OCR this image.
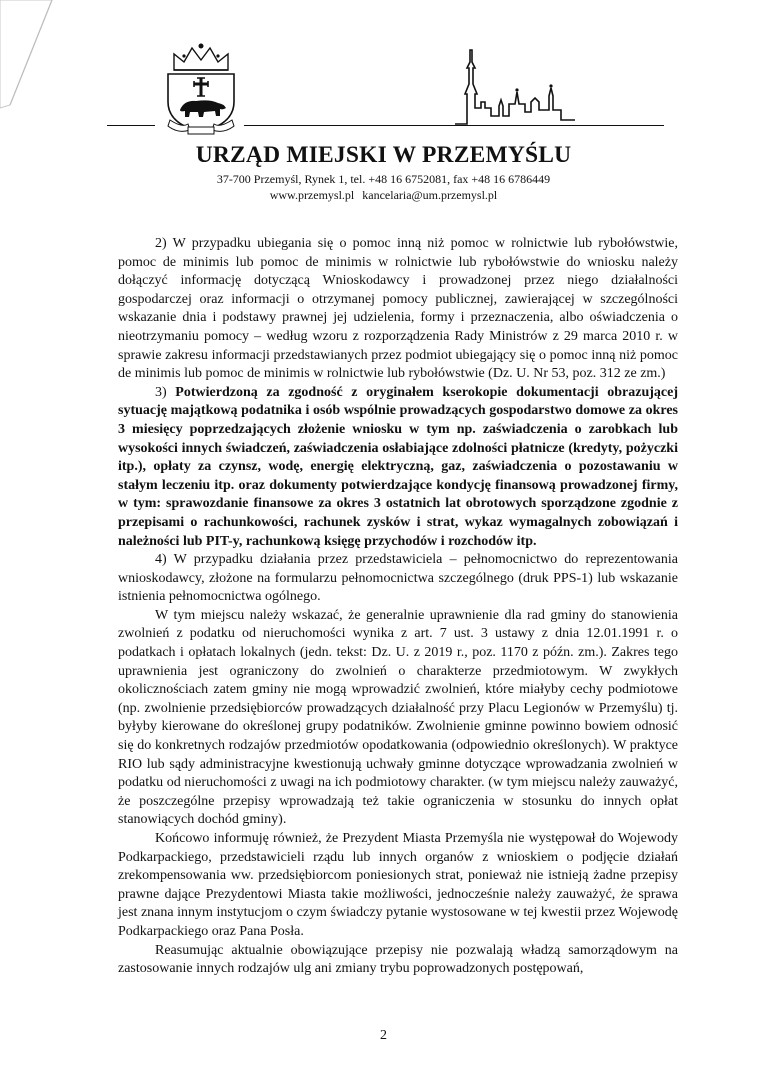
URZĄD MIEJSKI W PRZEMYŚLU
37-700 Przemyśl, Rynek 1, tel. +48 16 6752081, fax +48 16 6786449
www.przemysl.pl kancelaria@um.przemysl.pl

2) W przypadku ubiegania się o pomoc inną niż pomoc w rolnictwie lub rybołówstwie, pomoc de minimis lub pomoc de minimis w rolnictwie lub rybołówstwie do wniosku należy dołączyć informację dotyczącą Wnioskodawcy i prowadzonej przez niego działalności gospodarczej oraz informacji o otrzymanej pomocy publicznej, zawierającej w szczególności wskazanie dnia i podstawy prawnej jej udzielenia, formy i przeznaczenia, albo oświadczenia o nieotrzymaniu pomocy – według wzoru z rozporządzenia Rady Ministrów z 29 marca 2010 r. w sprawie zakresu informacji przedstawianych przez podmiot ubiegający się o pomoc inną niż pomoc de minimis lub pomoc de minimis w rolnictwie lub rybołówstwie (Dz. U. Nr 53, poz. 312 ze zm.)

3) Potwierdzoną za zgodność z oryginałem kserokopie dokumentacji obrazującej sytuację majątkową podatnika i osób wspólnie prowadzących gospodarstwo domowe za okres 3 miesięcy poprzedzających złożenie wniosku w tym np. zaświadczenia o zarobkach lub wysokości innych świadczeń, zaświadczenia osłabiające zdolności płatnicze (kredyty, pożyczki itp.), opłaty za czynsz, wodę, energię elektryczną, gaz, zaświadczenia o pozostawaniu w stałym leczeniu itp. oraz dokumenty potwierdzające kondycję finansową prowadzonej firmy, w tym: sprawozdanie finansowe za okres 3 ostatnich lat obrotowych sporządzone zgodnie z przepisami o rachunkowości, rachunek zysków i strat, wykaz wymagalnych zobowiązań i należności lub PIT-y, rachunkową księgę przychodów i rozchodów itp.

4) W przypadku działania przez przedstawiciela – pełnomocnictwo do reprezentowania wnioskodawcy, złożone na formularzu pełnomocnictwa szczególnego (druk PPS-1) lub wskazanie istnienia pełnomocnictwa ogólnego.

W tym miejscu należy wskazać, że generalnie uprawnienie dla rad gminy do stanowienia zwolnień z podatku od nieruchomości wynika z art. 7 ust. 3 ustawy z dnia 12.01.1991 r. o podatkach i opłatach lokalnych (jedn. tekst: Dz. U. z 2019 r., poz. 1170 z późn. zm.). Zakres tego uprawnienia jest ograniczony do zwolnień o charakterze przedmiotowym. W zwykłych okolicznościach zatem gminy nie mogą wprowadzić zwolnień, które miałyby cechy podmiotowe (np. zwolnienie przedsiębiorców prowadzących działalność przy Placu Legionów w Przemyślu) tj. byłyby kierowane do określonej grupy podatników. Zwolnienie gminne powinno bowiem odnosić się do konkretnych rodzajów przedmiotów opodatkowania (odpowiednio określonych). W praktyce RIO lub sądy administracyjne kwestionują uchwały gminne dotyczące wprowadzania zwolnień w podatku od nieruchomości z uwagi na ich podmiotowy charakter. (w tym miejscu należy zauważyć, że poszczególne przepisy wprowadzają też takie ograniczenia w stosunku do innych opłat stanowiących dochód gminy).

Końcowo informuję również, że Prezydent Miasta Przemyśla nie występował do Wojewody Podkarpackiego, przedstawicieli rządu lub innych organów z wnioskiem o podjęcie działań zrekompensowania ww. przedsiębiorcom poniesionych strat, ponieważ nie istnieją żadne przepisy prawne dające Prezydentowi Miasta takie możliwości, jednocześnie należy zauważyć, że sprawa jest znana innym instytucjom o czym świadczy pytanie wystosowane w tej kwestii przez Wojewodę Podkarpackiego oraz Pana Posła.

Reasumując aktualnie obowiązujące przepisy nie pozwalają władzą samorządowym na zastosowanie innych rodzajów ulg ani zmiany trybu poprowadzonych postępowań,

2
